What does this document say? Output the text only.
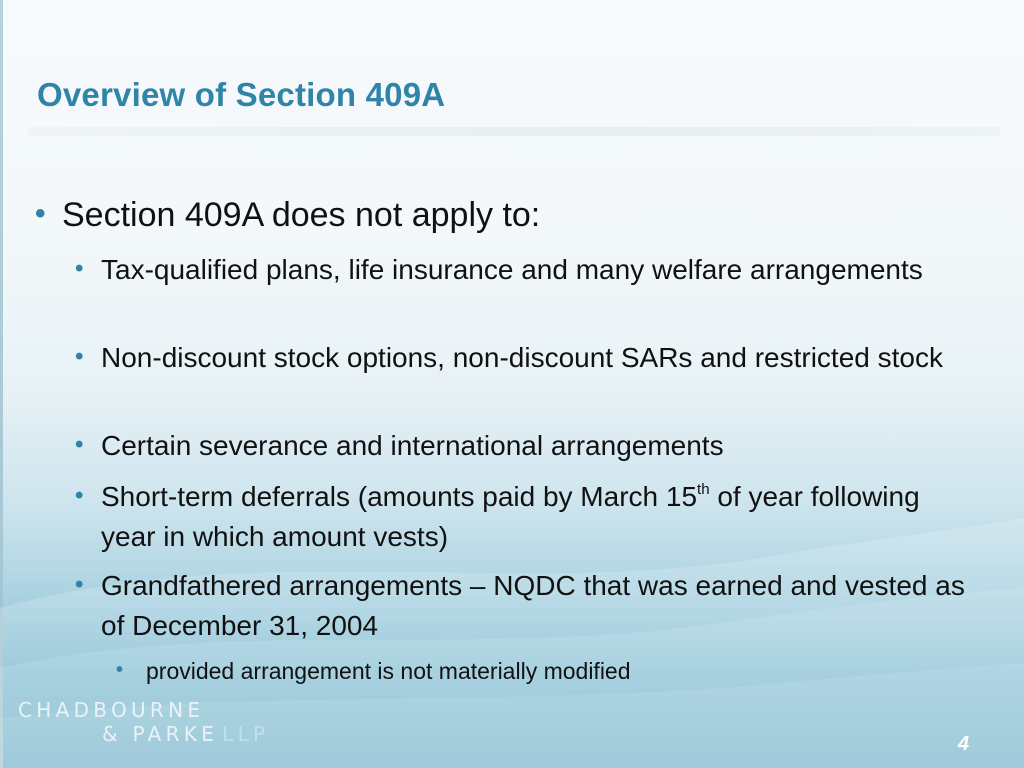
Overview of Section 409A
• Section 409A does not apply to:
• Tax-qualified plans, life insurance and many welfare arrangements
• Non-discount stock options, non-discount SARs and restricted stock
• Certain severance and international arrangements
• Short-term deferrals (amounts paid by March 15th of year following year in which amount vests)
• Grandfathered arrangements – NQDC that was earned and vested as of December 31, 2004
• provided arrangement is not materially modified
CHADBOURNE
& PARKE LLP	4
